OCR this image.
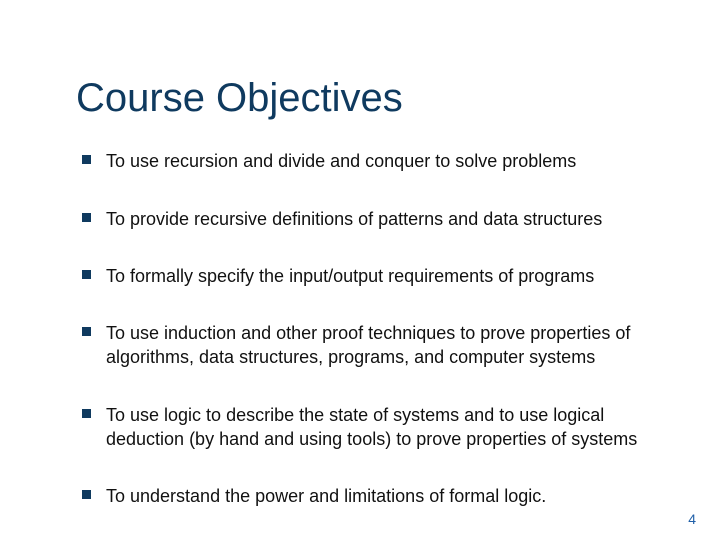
Course Objectives
To use recursion and divide and conquer to solve problems
To provide recursive definitions of patterns and data structures
To formally specify the input/output requirements of programs
To use induction and other proof techniques to prove properties of
algorithms, data structures, programs, and computer systems
To use logic to describe the state of systems and to use logical
deduction (by hand and using tools) to prove properties of systems
To understand the power and limitations of formal logic.
4
